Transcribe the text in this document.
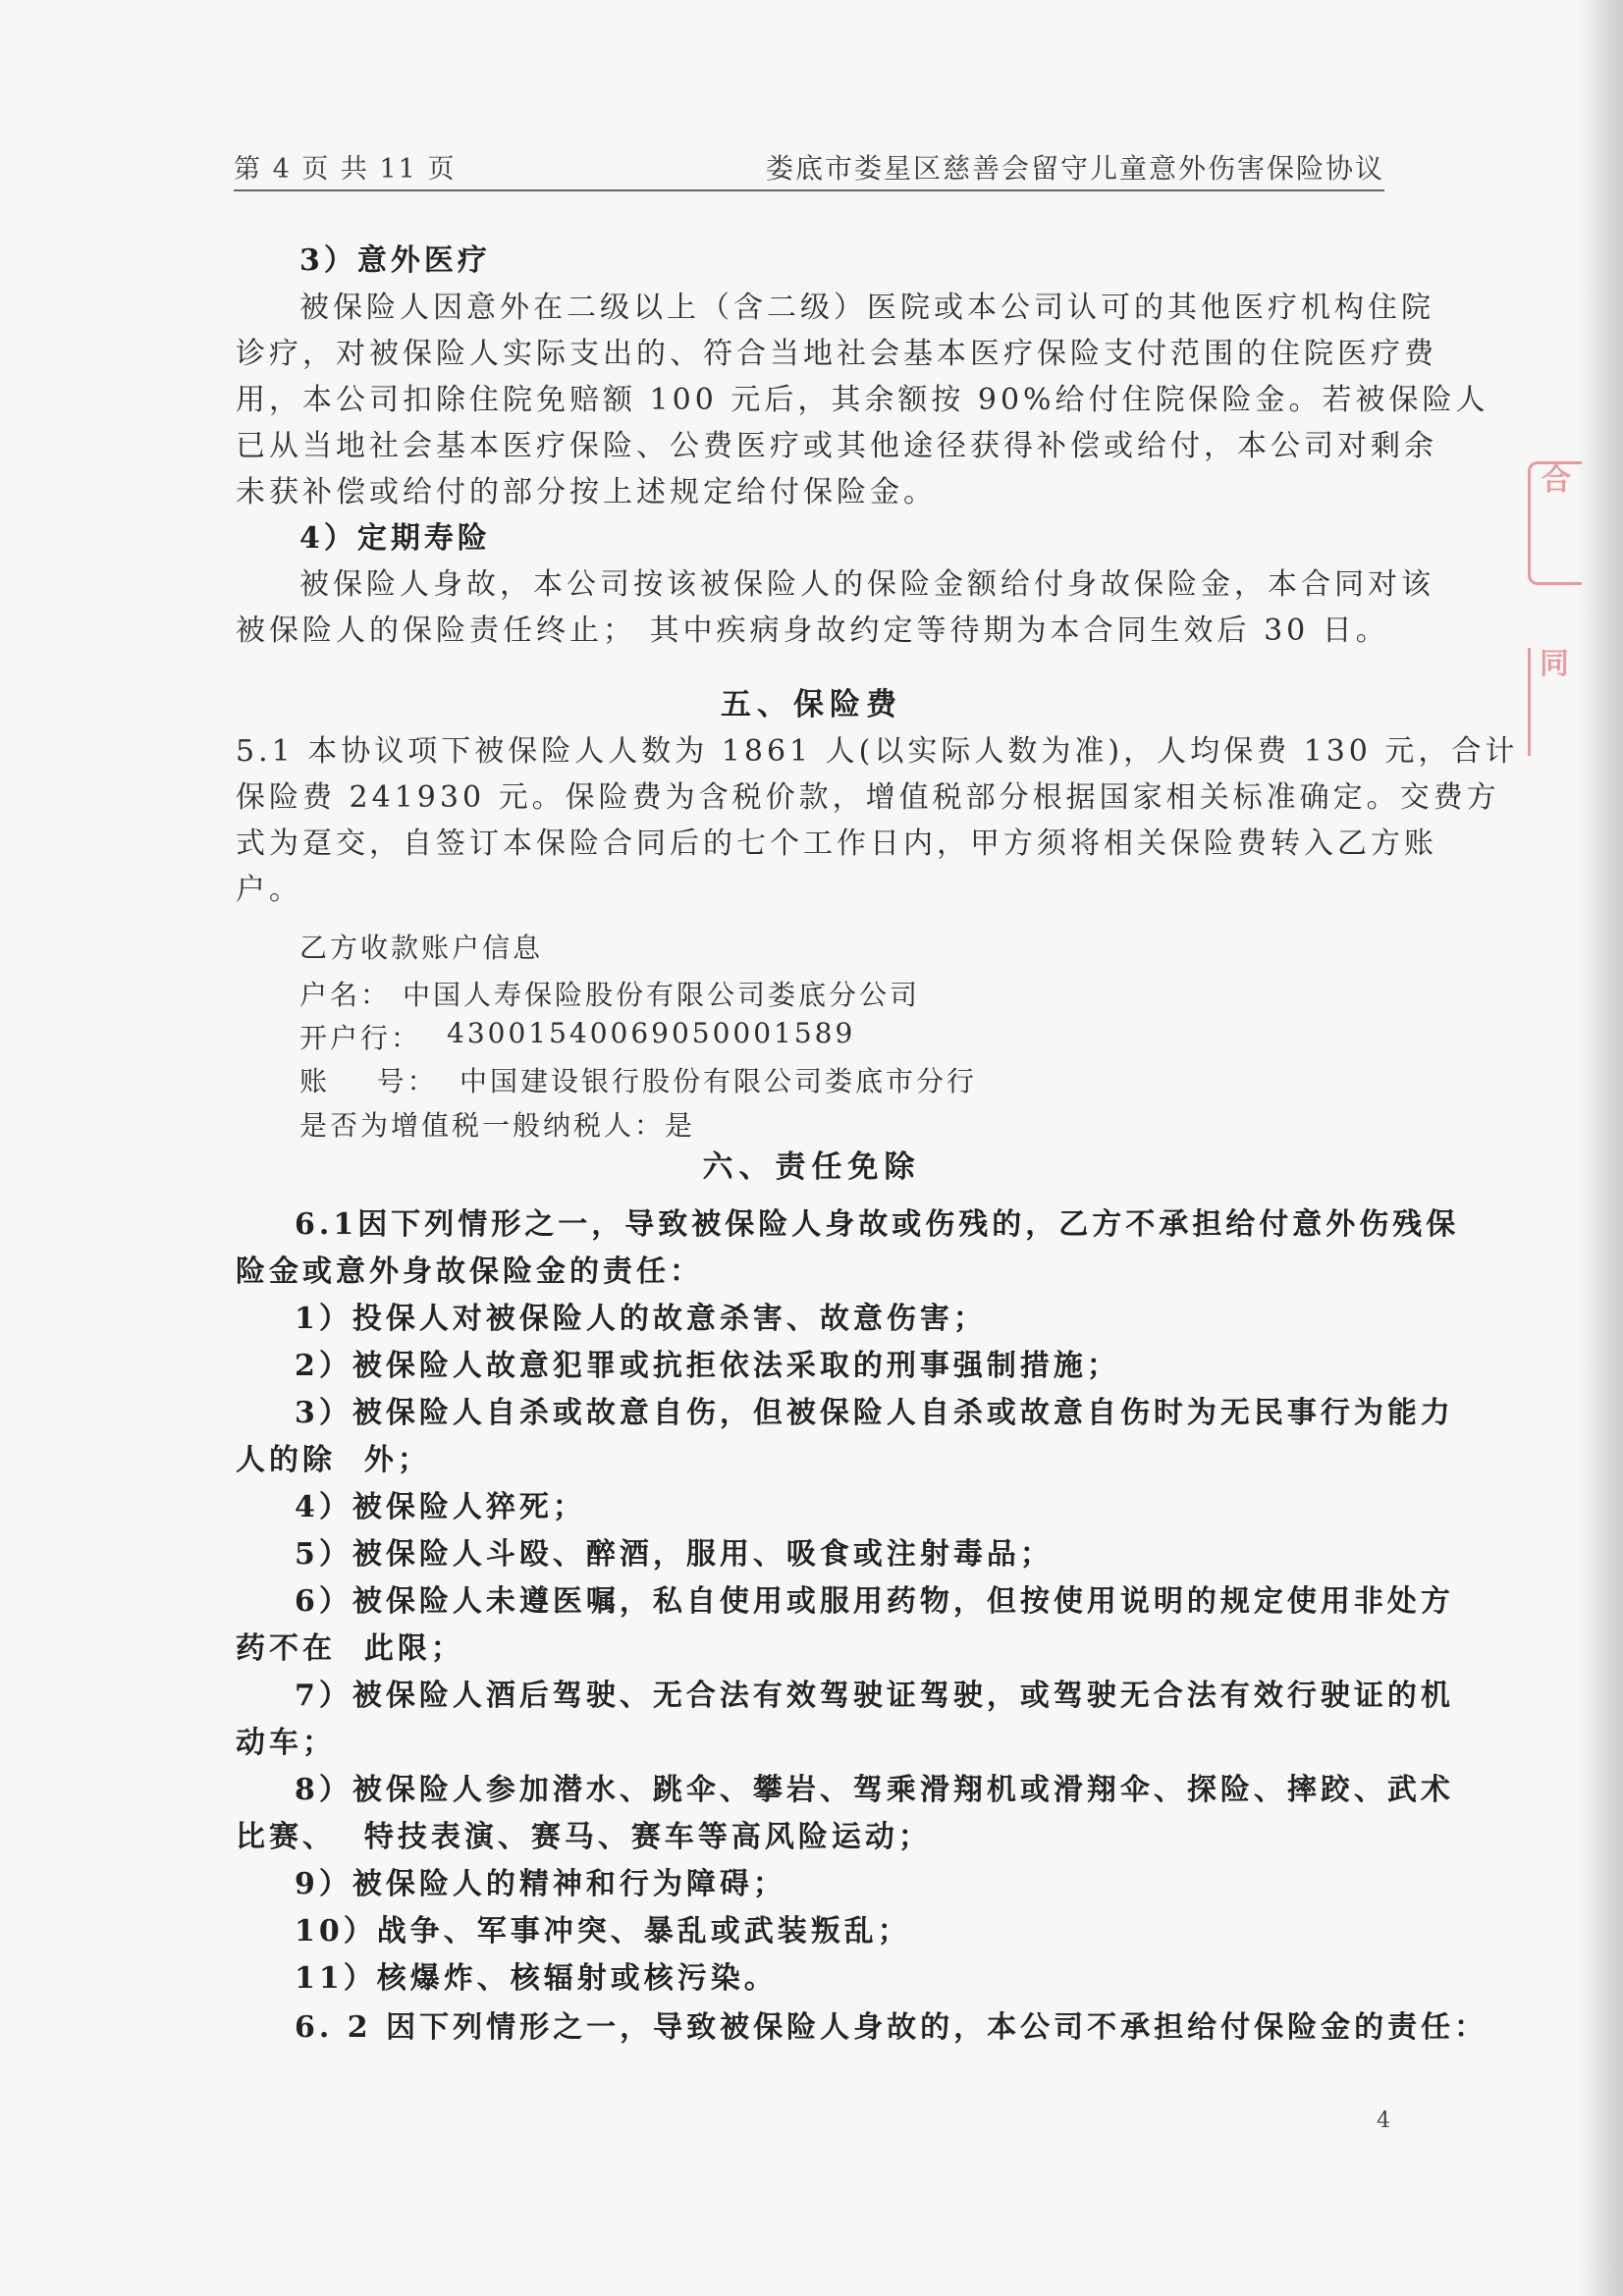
第 4 页 共 11 页	娄底市娄星区慈善会留守儿童意外伤害保险协议
3）意外医疗
被保险人因意外在二级以上（含二级）医院或本公司认可的其他医疗机构住院
诊疗，对被保险人实际支出的、符合当地社会基本医疗保险支付范围的住院医疗费
用，本公司扣除住院免赔额 100 元后，其余额按 90%给付住院保险金。若被保险人
已从当地社会基本医疗保险、公费医疗或其他途径获得补偿或给付，本公司对剩余
未获补偿或给付的部分按上述规定给付保险金。
4）定期寿险
被保险人身故，本公司按该被保险人的保险金额给付身故保险金，本合同对该
被保险人的保险责任终止； 其中疾病身故约定等待期为本合同生效后 30 日。
五、保险费
5.1 本协议项下被保险人人数为 1861 人(以实际人数为准)，人均保费 130 元，合计
保险费 241930 元。保险费为含税价款，增值税部分根据国家相关标准确定。交费方
式为趸交，自签订本保险合同后的七个工作日内，甲方须将相关保险费转入乙方账
户。
乙方收款账户信息
户名： 中国人寿保险股份有限公司娄底分公司
开户行： 43001540069050001589
账    号： 中国建设银行股份有限公司娄底市分行
是否为增值税一般纳税人：是
六、责任免除
6.1因下列情形之一，导致被保险人身故或伤残的，乙方不承担给付意外伤残保
险金或意外身故保险金的责任：
1）投保人对被保险人的故意杀害、故意伤害；
2）被保险人故意犯罪或抗拒依法采取的刑事强制措施；
3）被保险人自杀或故意自伤，但被保险人自杀或故意自伤时为无民事行为能力
人的除  外；
4）被保险人猝死；
5）被保险人斗殴、醉酒，服用、吸食或注射毒品；
6）被保险人未遵医嘱，私自使用或服用药物，但按使用说明的规定使用非处方
药不在  此限；
7）被保险人酒后驾驶、无合法有效驾驶证驾驶，或驾驶无合法有效行驶证的机
动车；
8）被保险人参加潜水、跳伞、攀岩、驾乘滑翔机或滑翔伞、探险、摔跤、武术
比赛、  特技表演、赛马、赛车等高风险运动；
9）被保险人的精神和行为障碍；
10）战争、军事冲突、暴乱或武装叛乱；
11）核爆炸、核辐射或核污染。
6. 2 因下列情形之一，导致被保险人身故的，本公司不承担给付保险金的责任：
合
同
4
